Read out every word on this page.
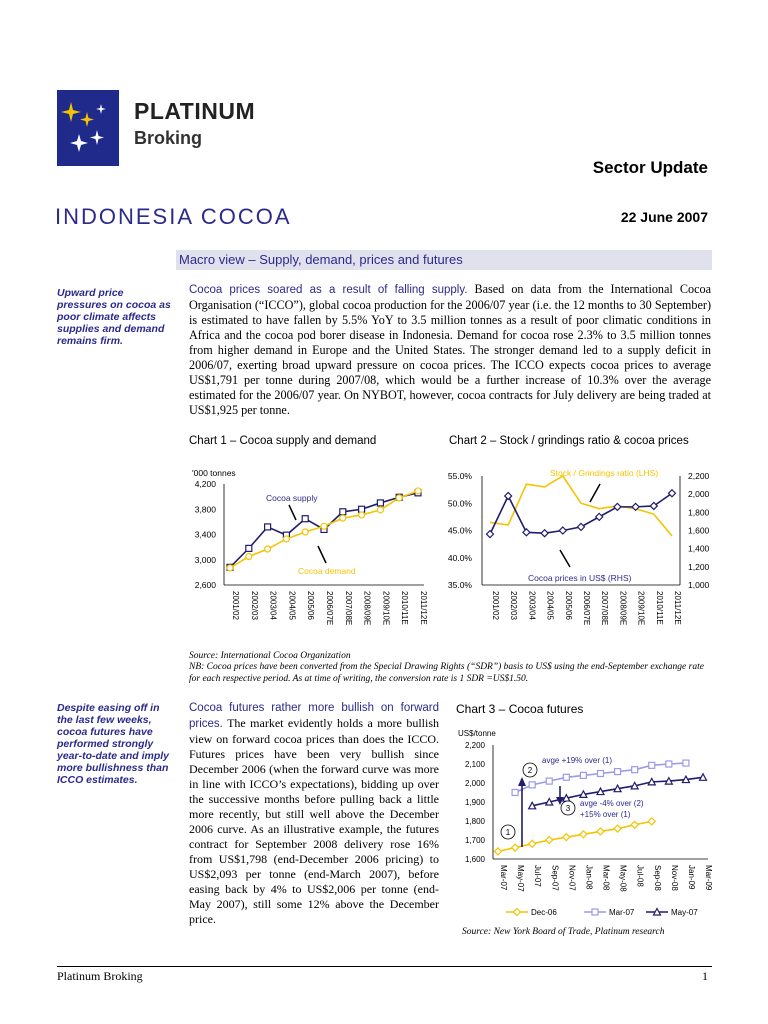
PLATINUM
Broking
Sector Update
INDONESIA COCOA	22 June 2007
Macro view – Supply, demand, prices and futures
Upward price pressures on cocoa as poor climate affects supplies and demand remains firm.
Cocoa prices soared as a result of falling supply. Based on data from the International Cocoa Organisation (“ICCO”), global cocoa production for the 2006/07 year (i.e. the 12 months to 30 September) is estimated to have fallen by 5.5% YoY to 3.5 million tonnes as a result of poor climatic conditions in Africa and the cocoa pod borer disease in Indonesia. Demand for cocoa rose 2.3% to 3.5 million tonnes from higher demand in Europe and the United States. The stronger demand led to a supply deficit in 2006/07, exerting broad upward pressure on cocoa prices. The ICCO expects cocoa prices to average US$1,791 per tonne during 2007/08, which would be a further increase of 10.3% over the average estimated for the 2006/07 year. On NYBOT, however, cocoa contracts for July delivery are being traded at US$1,925 per tonne.
Chart 1 – Cocoa supply and demand	Chart 2 – Stock / grindings ratio & cocoa prices
'000 tonnes
4,200
3,800
3,400
3,000
2,600
2001/02 2002/03 2003/04 2004/05 2005/06 2006/07E 2007/08E 2008/09E 2009/10E 2010/11E 2011/12E
Cocoa supply
Cocoa demand
55.0%
50.0%
45.0%
40.0%
35.0%
2,200
2,000
1,800
1,600
1,400
1,200
1,000
2001/02 2002/03 2003/04 2004/05 2005/06 2006/07E 2007/08E 2008/09E 2009/10E 2010/11E 2011/12E
Stock / Grindings ratio (LHS)
Cocoa prices in US$ (RHS)
Source: International Cocoa Organization
NB: Cocoa prices have been converted from the Special Drawing Rights (“SDR”) basis to US$ using the end-September exchange rate for each respective period. As at time of writing, the conversion rate is 1 SDR =US$1.50.
Despite easing off in the last few weeks, cocoa futures have performed strongly year-to-date and imply more bullishness than ICCO estimates.
Cocoa futures rather more bullish on forward prices. The market evidently holds a more bullish view on forward cocoa prices than does the ICCO. Futures prices have been very bullish since December 2006 (when the forward curve was more in line with ICCO’s expectations), bidding up over the successive months before pulling back a little more recently, but still well above the December 2006 curve. As an illustrative example, the futures contract for September 2008 delivery rose 16% from US$1,798 (end-December 2006 pricing) to US$2,093 per tonne (end-March 2007), before easing back by 4% to US$2,006 per tonne (end-May 2007), still some 12% above the December price.
Chart 3 – Cocoa futures
US$/tonne
2,200
2,100
2,000
1,900
1,800
1,700
1,600
Mar-07 May-07 Jul-07 Sep-07 Nov-07 Jan-08 Mar-08 May-08 Jul-08 Sep-08 Nov-08 Jan-09 Mar-09
2
avge +19% over (1)
3
avge -4% over (2)
+15% over (1)
1
Dec-06	Mar-07	May-07
Source: New York Board of Trade, Platinum research
Platinum Broking	1
